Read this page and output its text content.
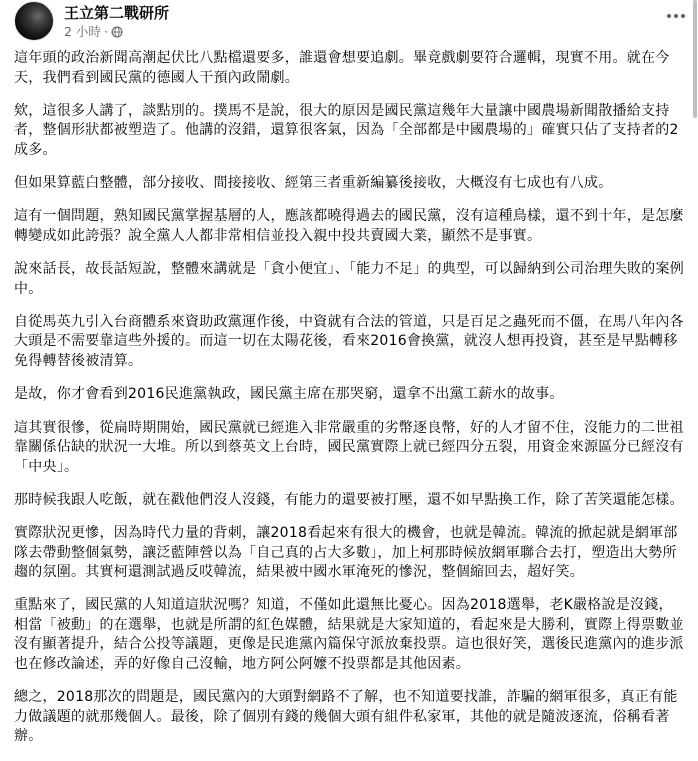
王立第二戰研所
2 小時 ·

這年頭的政治新聞高潮起伏比八點檔還要多，誰還會想要追劇。畢竟戲劇要符合邏輯，現實不用。就在今天，我們看到國民黨的德國人干預內政鬧劇。

欸，這很多人講了，談點別的。撲馬不是說，很大的原因是國民黨這幾年大量讓中國農場新聞散播給支持者，整個形狀都被塑造了。他講的沒錯，還算很客氣，因為「全部都是中國農場的」確實只佔了支持者的2成多。

但如果算藍白整體，部分接收、間接接收、經第三者重新編纂後接收，大概沒有七成也有八成。

這有一個問題，熟知國民黨掌握基層的人，應該都曉得過去的國民黨，沒有這種鳥樣，還不到十年，是怎麼轉變成如此誇張？說全黨人人都非常相信並投入親中投共賣國大業，顯然不是事實。

說來話長，故長話短說，整體來講就是「貪小便宜」、「能力不足」的典型，可以歸納到公司治理失敗的案例中。

自從馬英九引入台商體系來資助政黨運作後，中資就有合法的管道，只是百足之蟲死而不僵，在馬八年內各大頭是不需要靠這些外援的。而這一切在太陽花後，看來2016會換黨，就沒人想再投資，甚至是早點轉移免得轉替後被清算。

是故，你才會看到2016民進黨執政，國民黨主席在那哭窮，還拿不出黨工薪水的故事。

這其實很慘，從扁時期開始，國民黨就已經進入非常嚴重的劣幣逐良幣，好的人才留不住，沒能力的二世祖靠關係佔缺的狀況一大堆。所以到蔡英文上台時，國民黨實際上就已經四分五裂，用資金來源區分已經沒有「中央」。

那時候我跟人吃飯，就在戳他們沒人沒錢，有能力的還要被打壓，還不如早點換工作，除了苦笑還能怎樣。

實際狀況更慘，因為時代力量的背刺，讓2018看起來有很大的機會，也就是韓流。韓流的掀起就是網軍部隊去帶動整個氣勢，讓泛藍陣營以為「自己真的占大多數」，加上柯那時候放網軍聯合去打，塑造出大勢所趨的氛圍。其實柯還測試過反哎韓流，結果被中國水軍淹死的慘況，整個縮回去，超好笑。

重點來了，國民黨的人知道這狀況嗎？知道，不僅如此還無比憂心。因為2018選舉，老K嚴格說是沒錢，相當「被動」的在選舉，也就是所謂的紅色媒體，結果就是大家知道的，看起來是大勝利，實際上得票數並沒有顯著提升，結合公投等議題，更像是民進黨內篇保守派放棄投票。這也很好笑，選後民進黨內的進步派也在修改論述，弄的好像自己沒輸，地方阿公阿嬤不投票都是其他因素。

總之，2018那次的問題是，國民黨內的大頭對網路不了解，也不知道要找誰，詐騙的網軍很多，真正有能力做議題的就那幾個人。最後，除了個別有錢的幾個大頭有組件私家軍，其他的就是隨波逐流，俗稱看著辦。
